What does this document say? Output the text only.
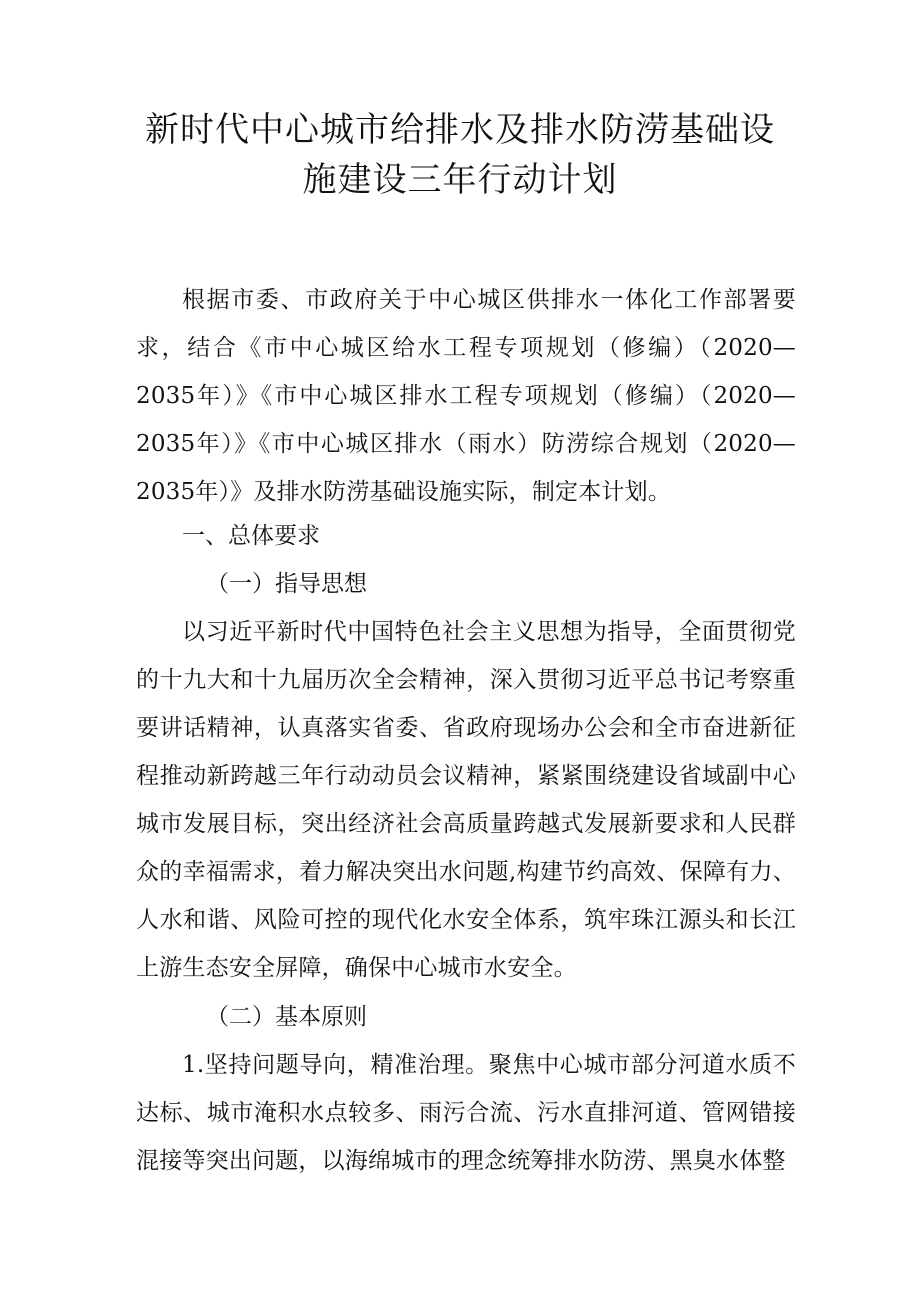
新时代中心城市给排水及排水防涝基础设
施建设三年行动计划

根据市委、市政府关于中心城区供排水一体化工作部署要求，结合《市中心城区给水工程专项规划（修编）（2020—2035年）》《市中心城区排水工程专项规划（修编）（2020—2035年）》《市中心城区排水（雨水）防涝综合规划（2020—2035年）》及排水防涝基础设施实际，制定本计划。

一、总体要求

（一）指导思想

以习近平新时代中国特色社会主义思想为指导，全面贯彻党的十九大和十九届历次全会精神，深入贯彻习近平总书记考察重要讲话精神，认真落实省委、省政府现场办公会和全市奋进新征程推动新跨越三年行动动员会议精神，紧紧围绕建设省域副中心城市发展目标，突出经济社会高质量跨越式发展新要求和人民群众的幸福需求，着力解决突出水问题,构建节约高效、保障有力、人水和谐、风险可控的现代化水安全体系，筑牢珠江源头和长江上游生态安全屏障，确保中心城市水安全。

（二）基本原则

1.坚持问题导向，精准治理。聚焦中心城市部分河道水质不达标、城市淹积水点较多、雨污合流、污水直排河道、管网错接混接等突出问题，以海绵城市的理念统筹排水防涝、黑臭水体整
